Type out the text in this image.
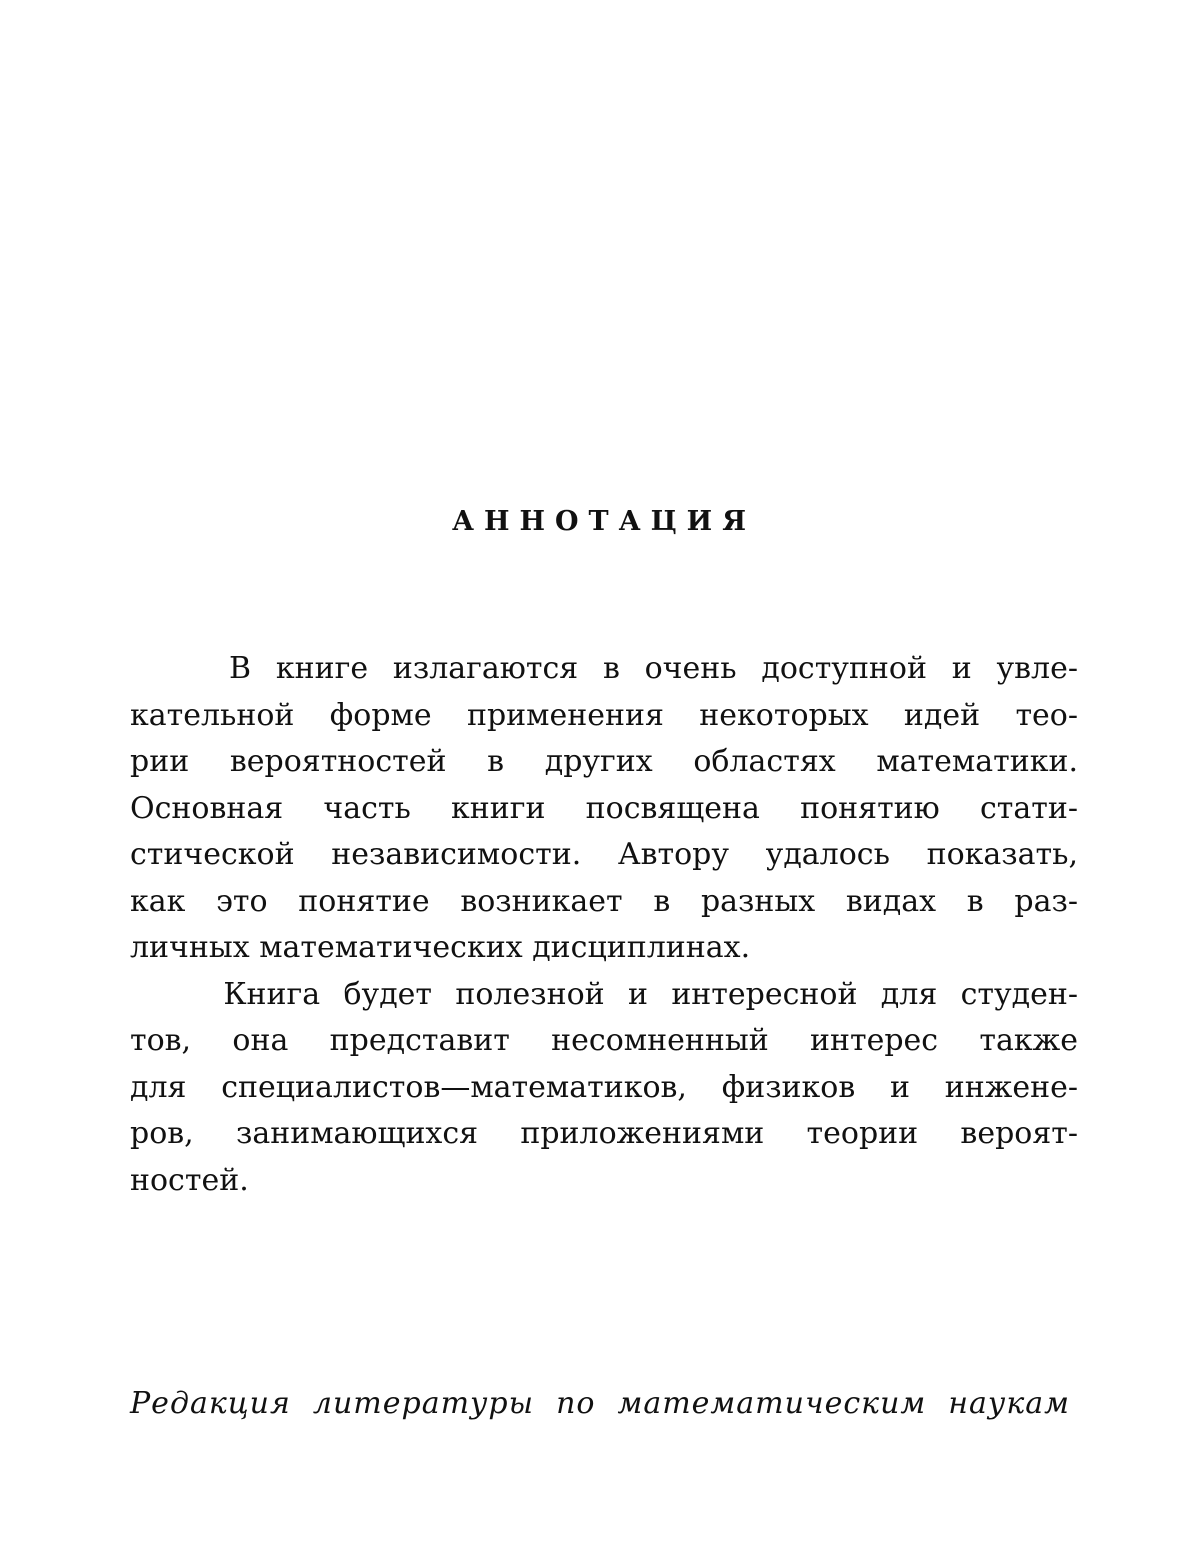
АННОТАЦИЯ
В книге излагаются в очень доступной и увле-
кательной форме применения некоторых идей тео-
рии вероятностей в других областях математики.
Основная часть книги посвящена понятию стати-
стической независимости. Автору удалось показать,
как это понятие возникает в разных видах в раз-
личных математических дисциплинах.
Книга будет полезной и интересной для студен-
тов, она представит несомненный интерес также
для специалистов—математиков, физиков и инжене-
ров, занимающихся приложениями теории вероят-
ностей.
Редакция литературы по математическим наукам
